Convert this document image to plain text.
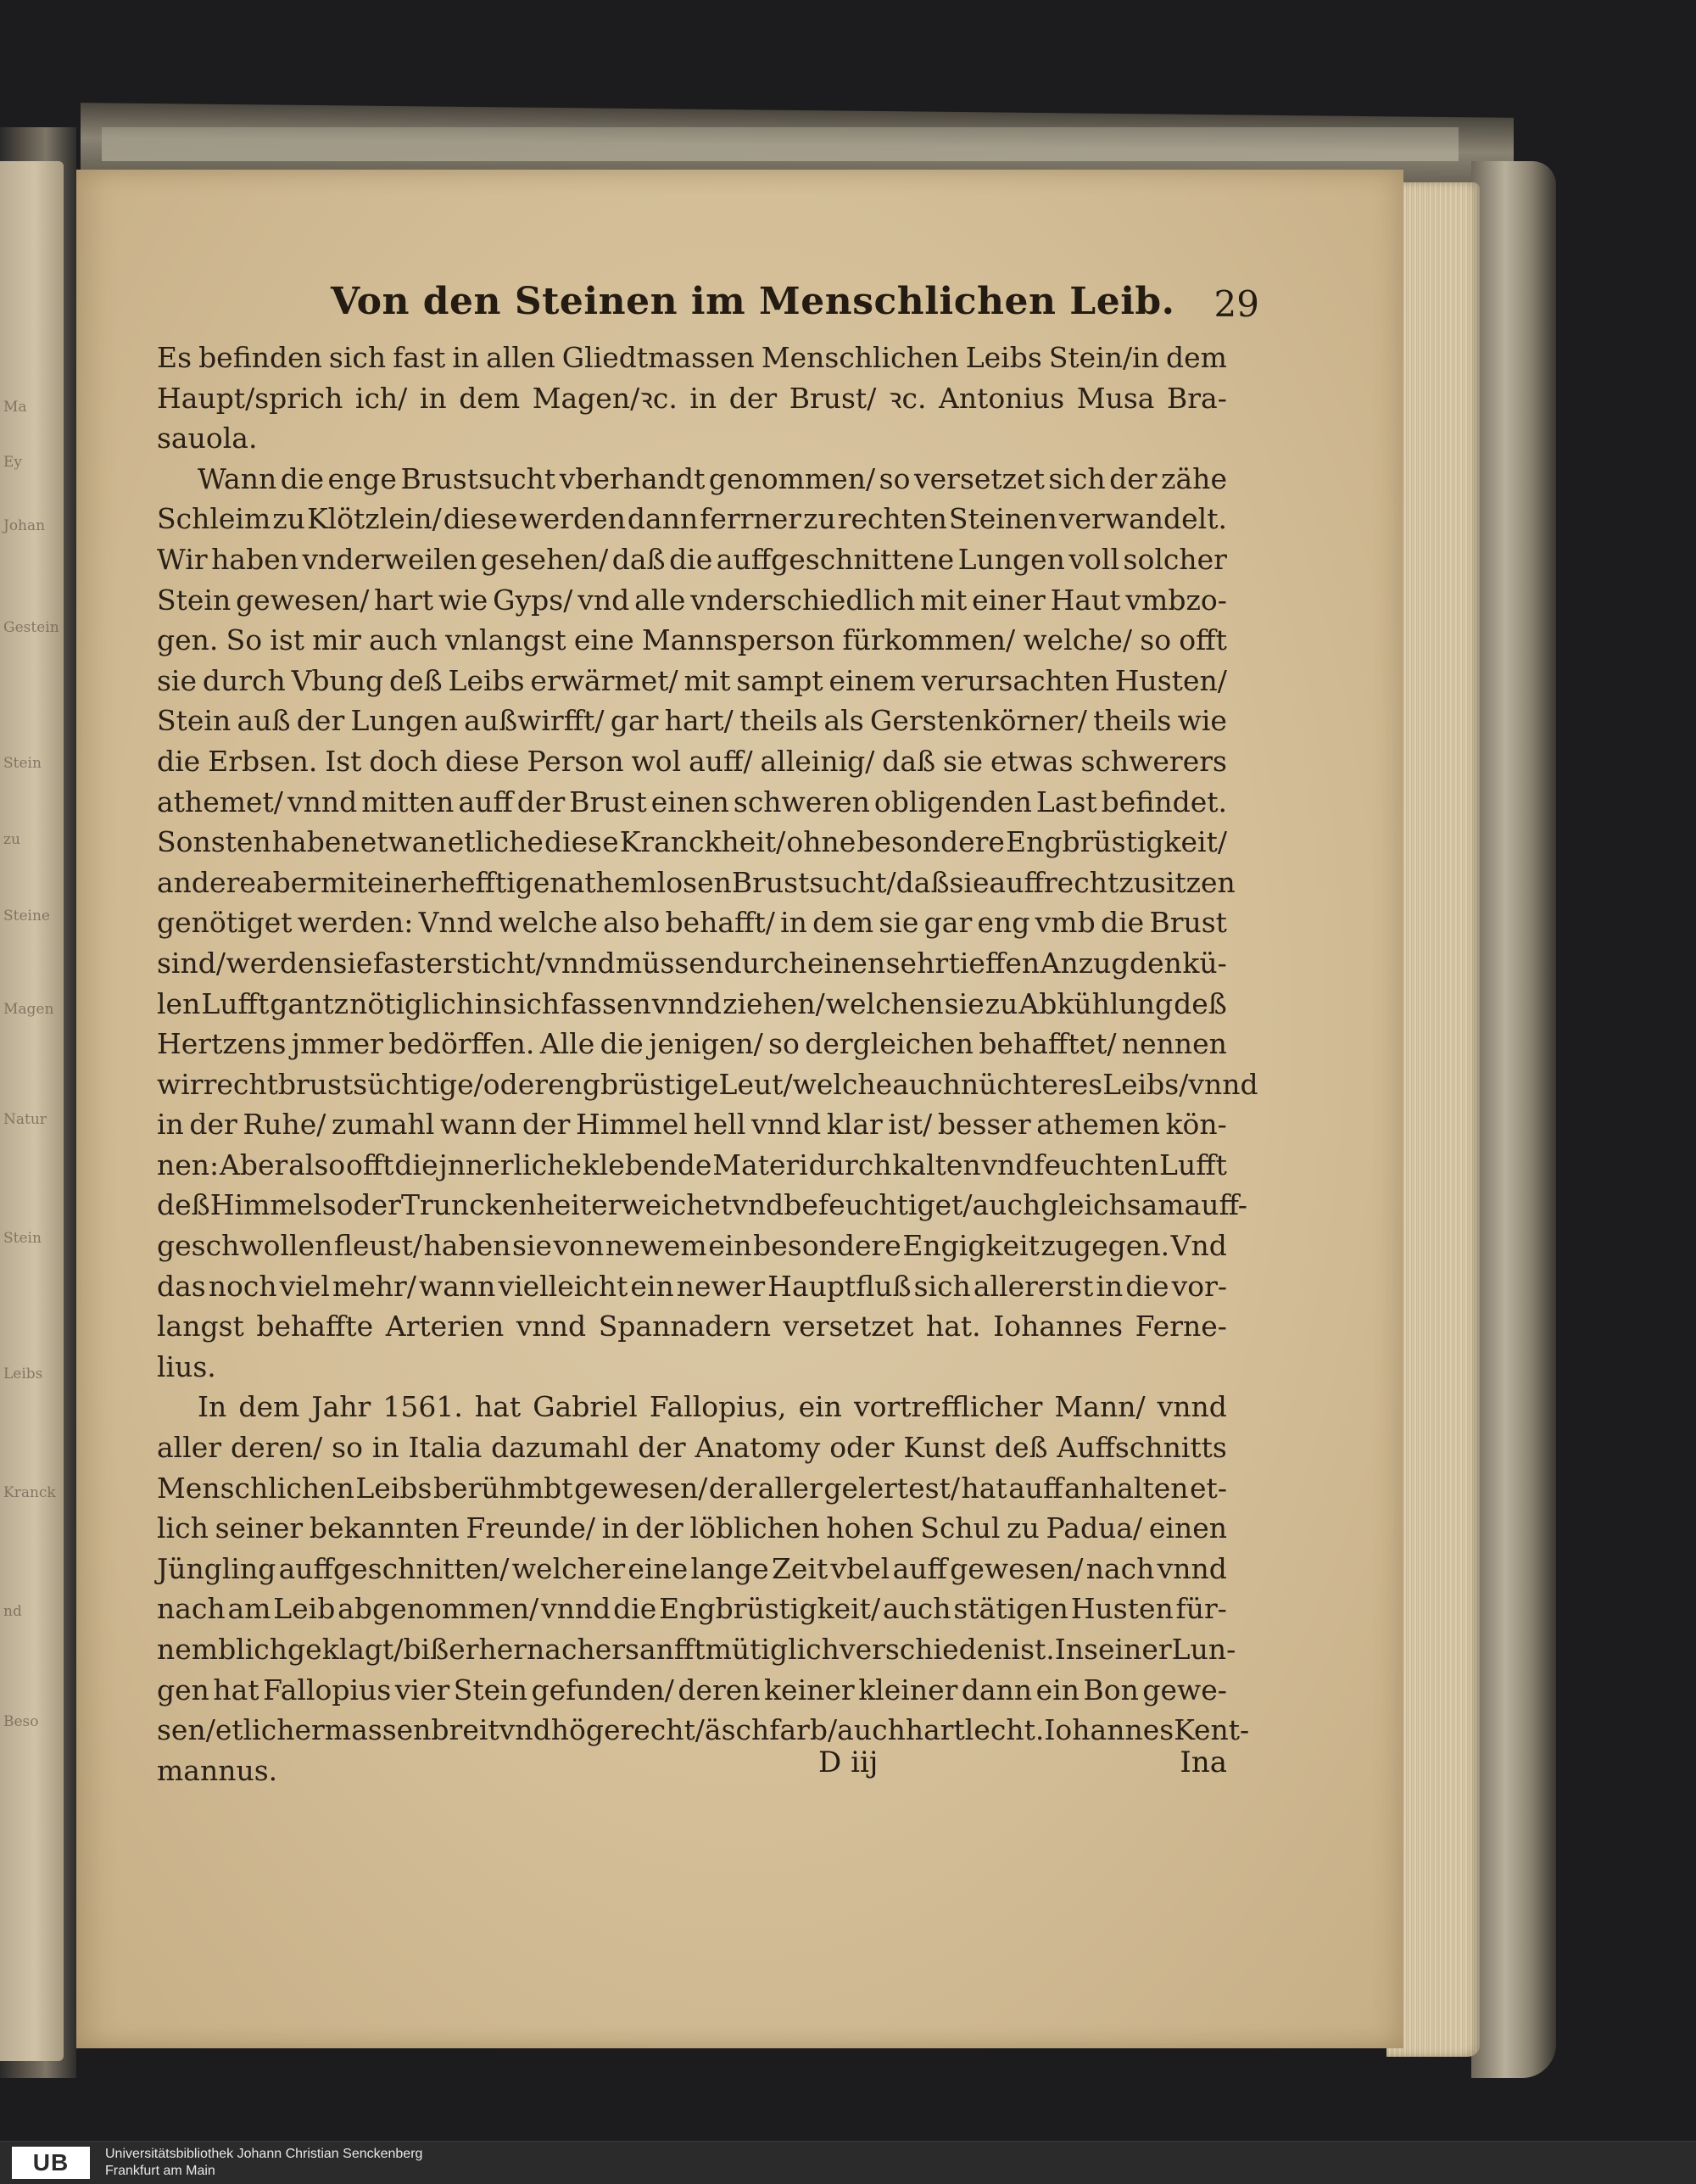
Ma
Ey
Johan
Gestein
Stein
zu
Steine
Magen
Natur
Stein
Leibs
Kranck
nd
Beso
Von den Steinen im Menschlichen Leib. 29
Es befinden sich fast in allen Gliedtmassen Menschlichen Leibs Stein/in dem
Haupt/sprich ich/ in dem Magen/ꝛc. in der Brust/ ꝛc. Antonius Musa Bra-
sauola.
Wann die enge Brustsucht vberhandt genommen/ so versetzet sich der zähe
Schleim zu Klötzlein/ diese werden dann ferrner zu rechten Steinen verwandelt.
Wir haben vnderweilen gesehen/ daß die auffgeschnittene Lungen voll solcher
Stein gewesen/ hart wie Gyps/ vnd alle vnderschiedlich mit einer Haut vmbzo-
gen. So ist mir auch vnlangst eine Mannsperson fürkommen/ welche/ so offt
sie durch Vbung deß Leibs erwärmet/ mit sampt einem verursachten Husten/
Stein auß der Lungen außwirfft/ gar hart/ theils als Gerstenkörner/ theils wie
die Erbsen. Ist doch diese Person wol auff/ alleinig/ daß sie etwas schwerers
athemet/ vnnd mitten auff der Brust einen schweren obligenden Last befindet.
Sonsten haben etwan etliche diese Kranckheit/ ohne besondere Engbrüstigkeit/
andere aber mit einer hefftigen athemlosen Brustsucht/ daß sie auffrecht zu sitzen
genötiget werden: Vnnd welche also behafft/ in dem sie gar eng vmb die Brust
sind/ werden sie fast ersticht/ vnnd müssen durch einen sehr tieffen Anzug den kü-
len Lufft gantz nötiglich in sich fassen vnnd ziehen/ welchen sie zu Abkühlung deß
Hertzens jmmer bedörffen. Alle die jenigen/ so dergleichen behafftet/ nennen
wir recht brustsüchtige/ oder engbrüstige Leut/ welche auch nüchteres Leibs/ vnnd
in der Ruhe/ zumahl wann der Himmel hell vnnd klar ist/ besser athemen kön-
nen: Aber also offt die jnnerliche klebende Materi durch kalten vnd feuchten Lufft
deß Himmels oder Trunckenheit erweichet vnd befeuchtiget/ auch gleichsam auff-
geschwollen fleust/ haben sie von newem ein besondere Engigkeit zugegen. Vnd
das noch viel mehr/ wann vielleicht ein newer Hauptfluß sich allererst in die vor-
langst behaffte Arterien vnnd Spannadern versetzet hat. Iohannes Ferne-
lius.
In dem Jahr 1561. hat Gabriel Fallopius, ein vortrefflicher Mann/ vnnd
aller deren/ so in Italia dazumahl der Anatomy oder Kunst deß Auffschnitts
Menschlichen Leibs berühmbt gewesen/ der aller gelertest/ hat auff anhalten et-
lich seiner bekannten Freunde/ in der löblichen hohen Schul zu Padua/ einen
Jüngling auffgeschnitten/ welcher eine lange Zeit vbel auff gewesen/ nach vnnd
nach am Leib abgenommen/ vnnd die Engbrüstigkeit/ auch stätigen Husten für-
nemblich geklagt/ biß er hernacher sanfftmütiglich verschieden ist. In seiner Lun-
gen hat Fallopius vier Stein gefunden/ deren keiner kleiner dann ein Bon gewe-
sen/ etlicher massen breit vnd högerecht/ äschfarb/ auch hartlecht. Iohannes Kent-
mannus.	D iij	Ina
UB	Universitätsbibliothek Johann Christian Senckenberg
Frankfurt am Main
